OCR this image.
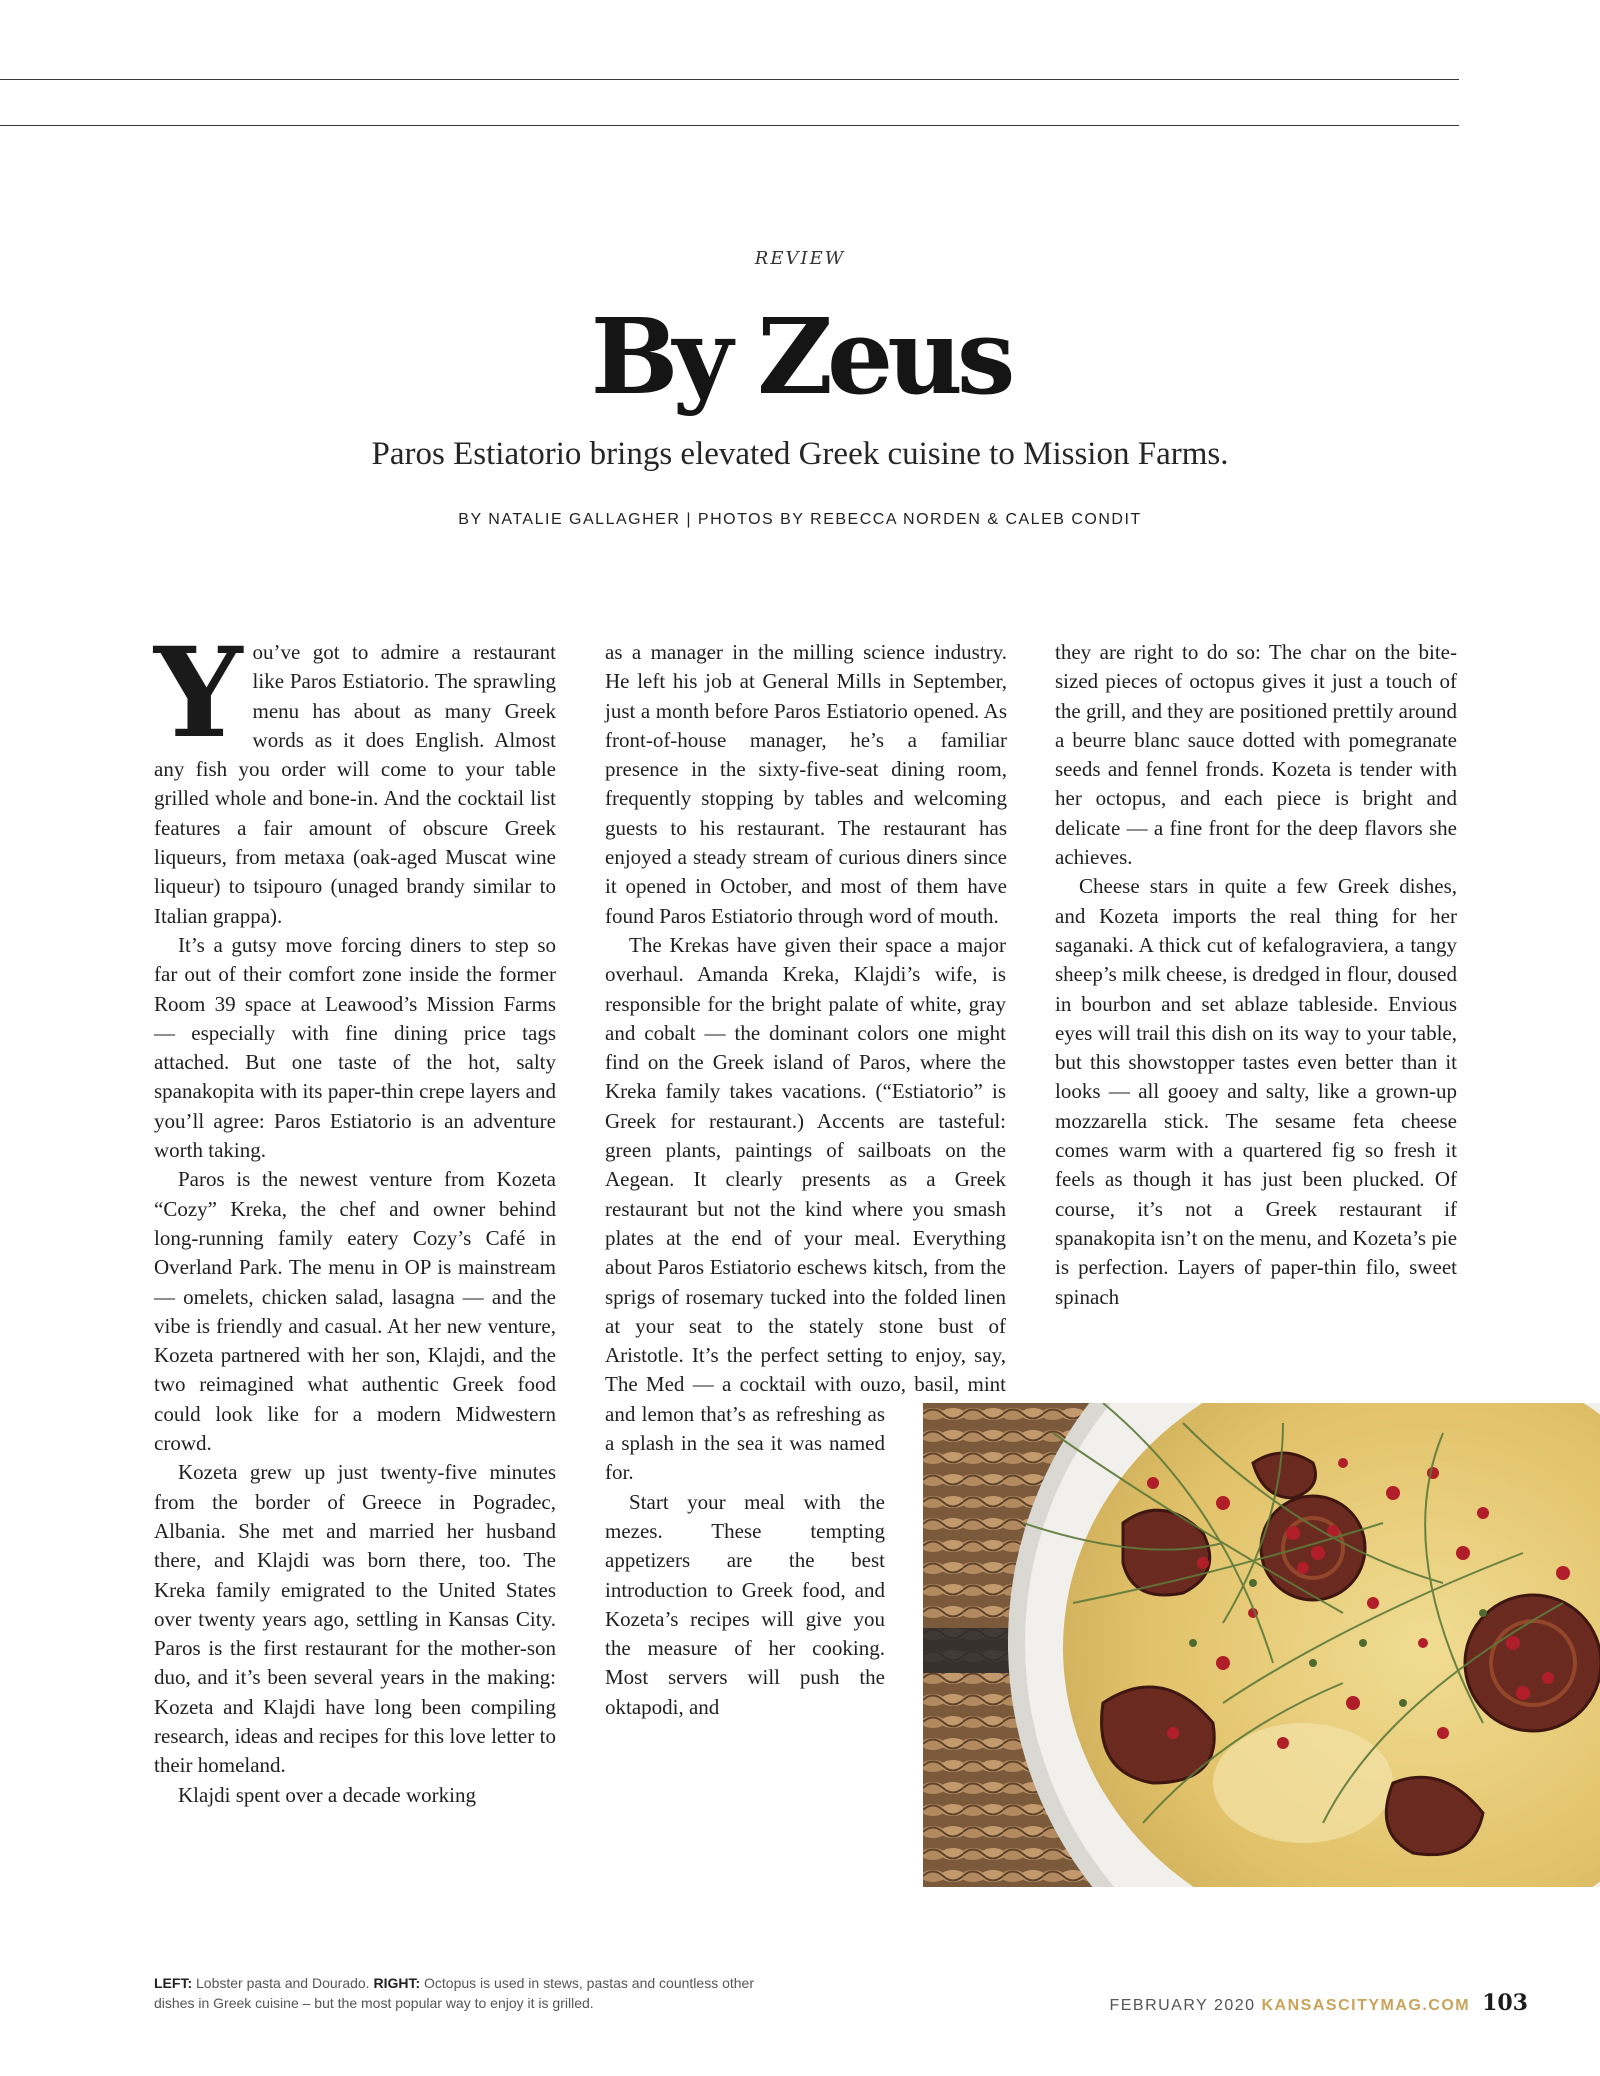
REVIEW
By Zeus
Paros Estiatorio brings elevated Greek cuisine to Mission Farms.
BY NATALIE GALLAGHER | PHOTOS BY REBECCA NORDEN & CALEB CONDIT

You’ve got to admire a restaurant like Paros Estiatorio. The sprawling menu has about as many Greek words as it does English. Almost any fish you order will come to your table grilled whole and bone-in. And the cocktail list features a fair amount of obscure Greek liqueurs, from metaxa (oak-aged Muscat wine liqueur) to tsipouro (unaged brandy similar to Italian grappa).

It’s a gutsy move forcing diners to step so far out of their comfort zone inside the former Room 39 space at Leawood’s Mission Farms — especially with fine dining price tags attached. But one taste of the hot, salty spanakopita with its paper-thin crepe layers and you’ll agree: Paros Estiatorio is an adventure worth taking.

Paros is the newest venture from Kozeta “Cozy” Kreka, the chef and owner behind long-running family eatery Cozy’s Café in Overland Park. The menu in OP is mainstream — omelets, chicken salad, lasagna — and the vibe is friendly and casual. At her new venture, Kozeta partnered with her son, Klajdi, and the two reimagined what authentic Greek food could look like for a modern Midwestern crowd.

Kozeta grew up just twenty-five minutes from the border of Greece in Pogradec, Albania. She met and married her husband there, and Klajdi was born there, too. The Kreka family emigrated to the United States over twenty years ago, settling in Kansas City. Paros is the first restaurant for the mother-son duo, and it’s been several years in the making: Kozeta and Klajdi have long been compiling research, ideas and recipes for this love letter to their homeland.

Klajdi spent over a decade working

as a manager in the milling science industry. He left his job at General Mills in September, just a month before Paros Estiatorio opened. As front-of-house manager, he’s a familiar presence in the sixty-five-seat dining room, frequently stopping by tables and welcoming guests to his restaurant. The restaurant has enjoyed a steady stream of curious diners since it opened in October, and most of them have found Paros Estiatorio through word of mouth.

The Krekas have given their space a major overhaul. Amanda Kreka, Klajdi’s wife, is responsible for the bright palate of white, gray and cobalt — the dominant colors one might find on the Greek island of Paros, where the Kreka family takes vacations. (“Estiatorio” is Greek for restaurant.) Accents are tasteful: green plants, paintings of sailboats on the Aegean. It clearly presents as a Greek restaurant but not the kind where you smash plates at the end of your meal. Everything about Paros Estiatorio eschews kitsch, from the sprigs of rosemary tucked into the folded linen at your seat to the stately stone bust of Aristotle. It’s the perfect setting to enjoy, say, The Med — a cocktail with ouzo, basil, mint and lemon that’s as refreshing as a splash in the sea it was named for.

Start your meal with the mezes. These tempting appetizers are the best introduction to Greek food, and Kozeta’s recipes will give you the measure of her cooking. Most servers will push the oktapodi, and

they are right to do so: The char on the bite-sized pieces of octopus gives it just a touch of the grill, and they are positioned prettily around a beurre blanc sauce dotted with pomegranate seeds and fennel fronds. Kozeta is tender with her octopus, and each piece is bright and delicate — a fine front for the deep flavors she achieves.

Cheese stars in quite a few Greek dishes, and Kozeta imports the real thing for her saganaki. A thick cut of kefalograviera, a tangy sheep’s milk cheese, is dredged in flour, doused in bourbon and set ablaze tableside. Envious eyes will trail this dish on its way to your table, but this showstopper tastes even better than it looks — all gooey and salty, like a grown-up mozzarella stick. The sesame feta cheese comes warm with a quartered fig so fresh it feels as though it has just been plucked. Of course, it’s not a Greek restaurant if spanakopita isn’t on the menu, and Kozeta’s pie is perfection. Layers of paper-thin filo, sweet spinach

LEFT: Lobster pasta and Dourado. RIGHT: Octopus is used in stews, pastas and countless other dishes in Greek cuisine – but the most popular way to enjoy it is grilled.	FEBRUARY 2020 KANSASCITYMAG.COM 103
